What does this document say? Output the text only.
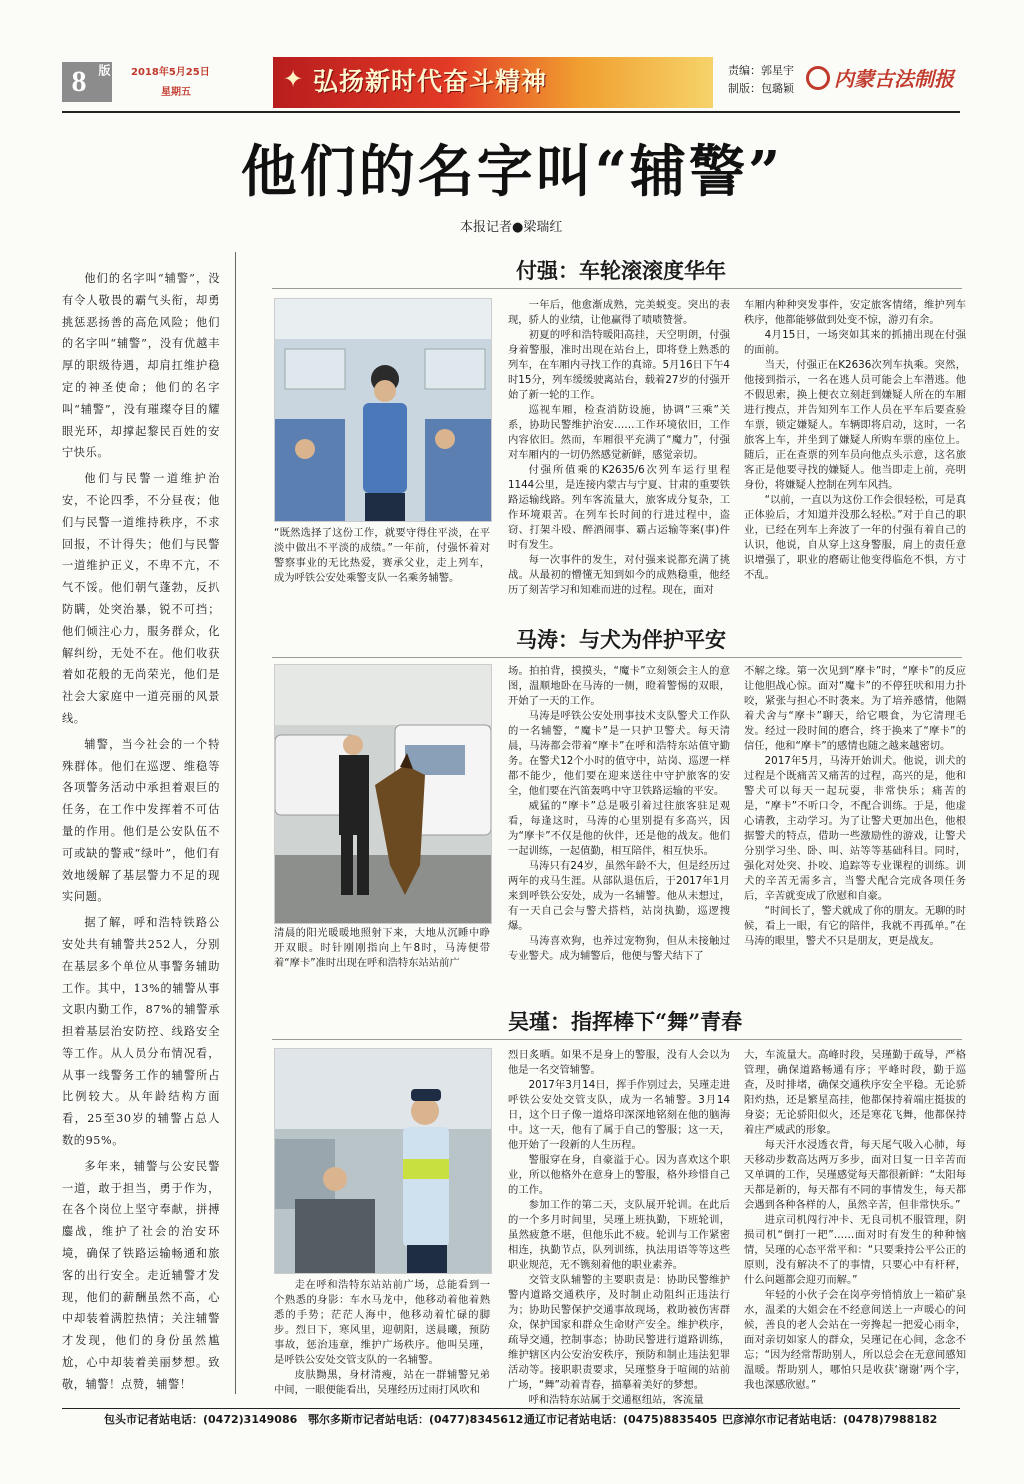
8 版 2018年5月25日
星期五	✦ 弘扬新时代奋斗精神	责编：郭星宇
制版：包璐颖 内蒙古法制报
他们的名字叫“辅警”
本报记者●梁瑞红

他们的名字叫“辅警”，没有令人敬畏的霸气头衔，却勇挑惩恶扬善的高危风险；他们的名字叫“辅警”，没有优越丰厚的职级待遇，却肩扛维护稳定的神圣使命；他们的名字叫“辅警”，没有璀璨夺目的耀眼光环，却撑起黎民百姓的安宁快乐。

他们与民警一道维护治安，不论四季，不分昼夜；他们与民警一道维持秩序，不求回报，不计得失；他们与民警一道维护正义，不卑不亢，不气不馁。他们朝气蓬勃，反扒防瞒，处突治暴，锐不可挡；他们倾注心力，服务群众，化解纠纷，无处不在。他们收获着如花般的无尚荣光，他们是社会大家庭中一道亮丽的风景线。

辅警，当今社会的一个特殊群体。他们在巡逻、维稳等各项警务活动中承担着艰巨的任务，在工作中发挥着不可估量的作用。他们是公安队伍不可或缺的警戒“绿叶”，他们有效地缓解了基层警力不足的现实问题。

据了解，呼和浩特铁路公安处共有辅警共252人，分别在基层多个单位从事警务辅助工作。其中，13%的辅警从事文职内勤工作，87%的辅警承担着基层治安防控、线路安全等工作。从人员分布情况看，从事一线警务工作的辅警所占比例较大。从年龄结构方面看，25至30岁的辅警占总人数的95%。

多年来，辅警与公安民警一道，敢于担当，勇于作为，在各个岗位上坚守奉献，拼搏鏖战，维护了社会的治安环境，确保了铁路运输畅通和旅客的出行安全。走近辅警才发现，他们的薪酬虽然不高，心中却装着满腔热情；关注辅警才发现，他们的身份虽然尴尬，心中却装着美丽梦想。致敬，辅警！点赞，辅警！

付强：车轮滚滚度华年
“既然选择了这份工作，就要守得住平淡，在平淡中做出不平淡的成绩。”一年前，付强怀着对警察事业的无比热爱，赛承父业，走上列车，成为呼铁公安处乘警支队一名乘务辅警。

一年后，他愈渐成熟，完美蜕变。突出的表现，骄人的业绩，让他赢得了啧啧赞誉。

初夏的呼和浩特暖阳高挂，天空明朗，付强身着警服，准时出现在站台上，即将登上熟悉的列车，在车厢内寻找工作的真谛。5月16日下午4时15分，列车缓缓驶离站台，载着27岁的付强开始了新一轮的工作。

巡视车厢，检查消防设施，协调“三乘”关系，协助民警维护治安……工作环境依旧，工作内容依旧。然而，车厢很平充满了“魔力”，付强对车厢内的一切仍然感觉新鲜，感觉亲切。

付强所值乘的K2635/6次列车运行里程1144公里，是连接内蒙古与宁夏、甘肃的重要铁路运输线路。列车客流量大，旅客成分复杂，工作环境艰苦。在列车长时间的行进过程中，盗窃、打架斗殴、醉酒闹事、霸占运输等案(事)件时有发生。

每一次事件的发生，对付强来说都充满了挑战。从最初的懵懂无知到如今的成熟稳重，他经历了刻苦学习和知难而进的过程。现在，面对

车厢内种种突发事件，安定旅客情绪，维护列车秩序，他都能够做到处变不惊，游刃有余。

4月15日，一场突如其来的抓捕出现在付强的面前。

当天，付强正在K2636次列车执乘。突然，他接到指示，一名在逃人员可能会上车潜逃。他不假思索，换上便衣立刻赶到嫌疑人所在的车厢进行搜点，并告知列车工作人员在平车后要查验车票，锁定嫌疑人。车辆即将启动，这时，一名旅客上车，并坐到了嫌疑人所购车票的座位上。随后，正在查票的列车员向他点头示意，这名旅客正是他要寻找的嫌疑人。他当即走上前，亮明身份，将嫌疑人控制在列车风挡。

“以前，一直以为这份工作会很轻松，可是真正体验后，才知道并没那么轻松。”对于自己的职业，已经在列车上奔波了一年的付强有着自己的认识，他说，自从穿上这身警服，肩上的责任意识增强了，职业的磨砺让他变得临危不惧，方寸不乱。

马涛：与犬为伴护平安
清晨的阳光暖暖地照射下来，大地从沉睡中睁开双眼。时针刚刚指向上午8时，马涛便带着“摩卡”准时出现在呼和浩特东站站前广

场。拍拍背，摸摸头，“魔卡”立刻领会主人的意图，温顺地卧在马涛的一侧，瞪着警惕的双眼，开始了一天的工作。

马涛是呼铁公安处刑事技术支队警犬工作队的一名辅警，“魔卡”是一只护卫警犬。每天清晨，马涛都会带着“摩卡”在呼和浩特东站值守勤务。在警犬12个小时的值守中，站岗、巡逻一样都不能少，他们要在迎来送往中守护旅客的安全，他们要在汽笛轰鸣中守卫铁路运输的平安。

威猛的“摩卡”总是吸引着过往旅客驻足观看，每逢这时，马涛的心里别提有多高兴，因为“摩卡”不仅是他的伙伴，还是他的战友。他们一起训练，一起值勤，相互陪伴，相互快乐。

马涛只有24岁，虽然年龄不大，但是经历过两年的戎马生涯。从部队退伍后，于2017年1月来到呼铁公安处，成为一名辅警。他从未想过，有一天自己会与警犬搭档，站岗执勤，巡逻搜爆。

马涛喜欢狗，也养过宠物狗，但从未接触过专业警犬。成为辅警后，他便与警犬结下了

不解之缘。第一次见到“摩卡”时，“摩卡”的反应让他胆战心惊。面对“魔卡”的不停狂吠和用力扑咬，紧张与担心不时袭来。为了培养感情，他隔着犬舍与“摩卡”聊天，给它喂食，为它清理毛发。经过一段时间的磨合，终于换来了“摩卡”的信任，他和“摩卡”的感情也随之越来越密切。

2017年5月，马涛开始训犬。他说，训犬的过程是个既痛苦又痛苦的过程，高兴的是，他和警犬可以每天一起玩耍，非常快乐；痛苦的是，“摩卡”不听口令，不配合训练。于是，他虚心请教，主动学习。为了让警犬更加出色，他根据警犬的特点，借助一些激励性的游戏，让警犬分别学习坐、卧、叫、站等等基础科目。同时，强化对处突、扑咬、追踪等专业课程的训练。训犬的辛苦无需多言，当警犬配合完成各项任务后，辛苦就变成了欣慰和自豪。

“时间长了，警犬就成了你的朋友。无聊的时候，看上一眼，有它的陪伴，我就不再孤单。”在马涛的眼里，警犬不只是朋友，更是战友。

吴瑾：指挥棒下“舞”青春
走在呼和浩特东站站前广场，总能看到一个熟悉的身影：车水马龙中，他移动着他着熟悉的手势；茫茫人海中，他移动着忙碌的脚步。烈日下，寒风里，迎朝阳，送晨曦，预防事故，惩治违章，维护广场秩序。他叫吴瑾，是呼铁公安处交管支队的一名辅警。
皮肤黝黑，身材清瘦，站在一群辅警兄弟中间，一眼便能看出，吴瑾经历过雨打风吹和

烈日炙晒。如果不是身上的警服，没有人会以为他是一名交管辅警。

2017年3月14日，挥手作别过去，吴瑾走进呼铁公安处交管支队，成为一名辅警。3月14日，这个日子像一道烙印深深地铭刻在他的脑海中。这一天，他有了属于自己的警服；这一天，他开始了一段新的人生历程。

警服穿在身，自豪溢于心。因为喜欢这个职业，所以他格外在意身上的警服，格外珍惜自己的工作。

参加工作的第二天，支队展开轮训。在此后的一个多月时间里，吴瑾上班执勤，下班轮训，虽然疲惫不堪，但他乐此不疲。轮训与工作紧密相连，执勤节点，队列训练，执法用语等等这些职业规范，无不镌刻着他的职业素养。

交管支队辅警的主要职责是：协助民警维护警内道路交通秩序，及时制止动阻纠正违法行为；协助民警保护交通事故现场，救助被伤害群众，保护国家和群众生命财产安全。维护秩序，疏导交通，控制事态；协助民警进行道路训练，维护辖区内公安治安秩序，预防和制止违法犯罪活动等。接职职责要求，吴瑾整身于喧闹的站前广场，“舞”动着青春，描摹着美好的梦想。

呼和浩特东站属于交通枢纽站，客流量

大，车流量大。高峰时段，吴瑾勤于疏导，严格管理，确保道路畅通有序；平峰时段，勤于巡查，及时排堵，确保交通秩序安全平稳。无论骄阳灼热，还是繁星高挂，他都保持着端庄挺拔的身姿；无论骄阳似火，还是寒花飞舞，他都保持着庄严威武的形象。

每天汗水浸透衣背，每天尾气吸入心肺，每天移动步数高达两万多步，面对日复一日辛苦而又单调的工作，吴瑾感觉每天都很新鲜：“太阳每天都是新的，每天都有不同的事情发生，每天都会遇到各种各样的人，虽然辛苦，但非常快乐。”

进京司机闯行冲卡、无良司机不服管理，阴损司机“倒打一耙”……面对时有发生的种种恼情，吴瑾的心态平常平和：“只要秉持公平公正的原则，没有解决不了的事情，只要心中有杆秤，什么问题都会迎刃而解。”

年轻的小伙子会在岗亭旁悄悄放上一箱矿泉水，温柔的大姐会在不经意间送上一声暖心的问候，善良的老人会站在一旁搀起一把爱心雨伞，面对亲切如家人的群众，吴瑾记在心间，念念不忘；“因为经常帮助别人，所以总会在无意间感知温暖。帮助别人，哪怕只是收获‘谢谢’两个字，我也深感欣慰。”

包头市记者站电话：(0472)3149086 鄂尔多斯市记者站电话：(0477)8345612 通辽市记者站电话：(0475)8835405 巴彦淖尔市记者站电话：(0478)7988182
